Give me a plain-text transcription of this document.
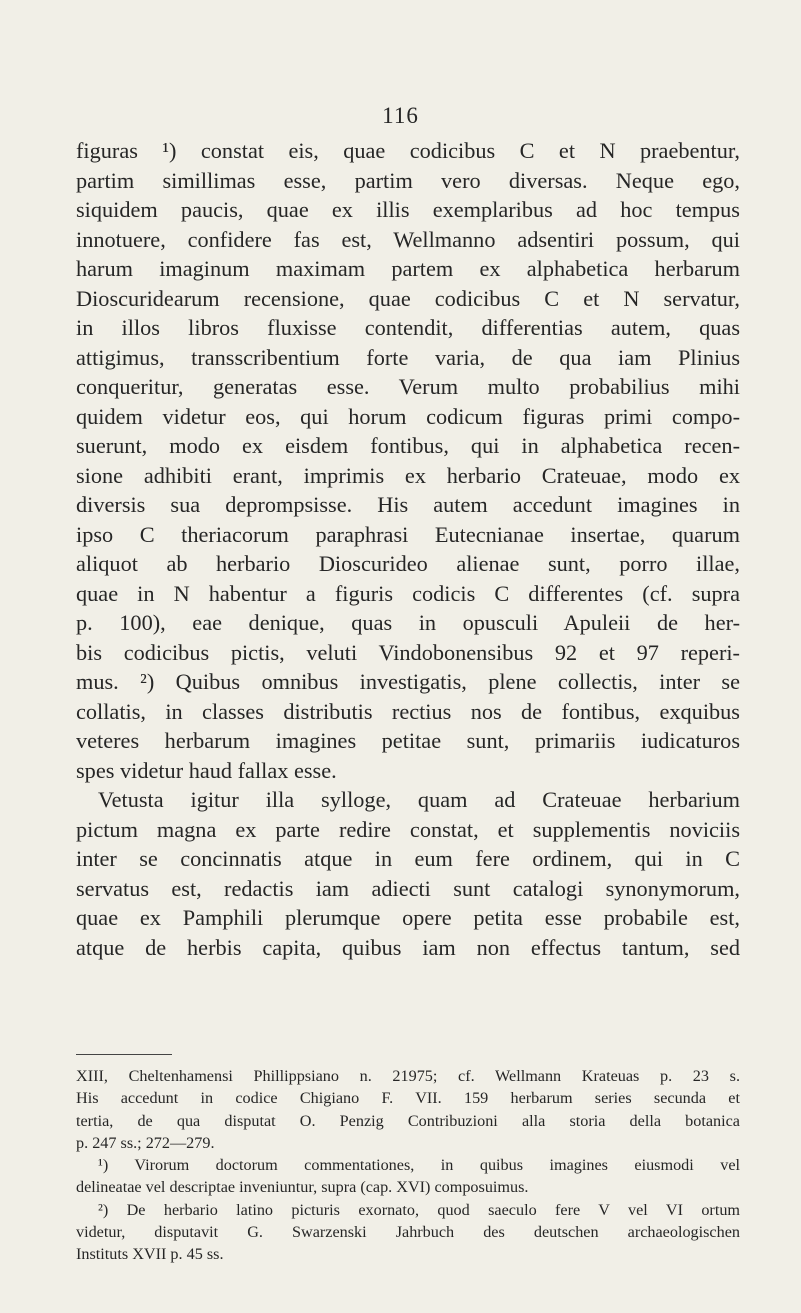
116
figuras ¹) constat eis, quae codicibus C et N praebentur,
partim simillimas esse, partim vero diversas. Neque ego,
siquidem paucis, quae ex illis exemplaribus ad hoc tempus
innotuere, confidere fas est, Wellmanno adsentiri possum, qui
harum imaginum maximam partem ex alphabetica herbarum
Dioscuridearum recensione, quae codicibus C et N servatur,
in illos libros fluxisse contendit, differentias autem, quas
attigimus, transscribentium forte varia, de qua iam Plinius
conqueritur, generatas esse. Verum multo probabilius mihi
quidem videtur eos, qui horum codicum figuras primi compo-
suerunt, modo ex eisdem fontibus, qui in alphabetica recen-
sione adhibiti erant, imprimis ex herbario Crateuae, modo ex
diversis sua deprompsisse. His autem accedunt imagines in
ipso C theriacorum paraphrasi Eutecnianae insertae, quarum
aliquot ab herbario Dioscurideo alienae sunt, porro illae,
quae in N habentur a figuris codicis C differentes (cf. supra
p. 100), eae denique, quas in opusculi Apuleii de her-
bis codicibus pictis, veluti Vindobonensibus 92 et 97 reperi-
mus. ²) Quibus omnibus investigatis, plene collectis, inter se
collatis, in classes distributis rectius nos de fontibus, exquibus
veteres herbarum imagines petitae sunt, primariis iudicaturos
spes videtur haud fallax esse.
Vetusta igitur illa sylloge, quam ad Crateuae herbarium
pictum magna ex parte redire constat, et supplementis noviciis
inter se concinnatis atque in eum fere ordinem, qui in C
servatus est, redactis iam adiecti sunt catalogi synonymorum,
quae ex Pamphili plerumque opere petita esse probabile est,
atque de herbis capita, quibus iam non effectus tantum, sed
XIII, Cheltenhamensi Phillippsiano n. 21975; cf. Wellmann Krateuas p. 23 s.
His accedunt in codice Chigiano F. VII. 159 herbarum series secunda et
tertia, de qua disputat O. Penzig Contribuzioni alla storia della botanica
p. 247 ss.; 272—279.
¹) Virorum doctorum commentationes, in quibus imagines eiusmodi vel
delineatae vel descriptae inveniuntur, supra (cap. XVI) composuimus.
²) De herbario latino picturis exornato, quod saeculo fere V vel VI ortum
videtur, disputavit G. Swarzenski Jahrbuch des deutschen archaeologischen
Instituts XVII p. 45 ss.
